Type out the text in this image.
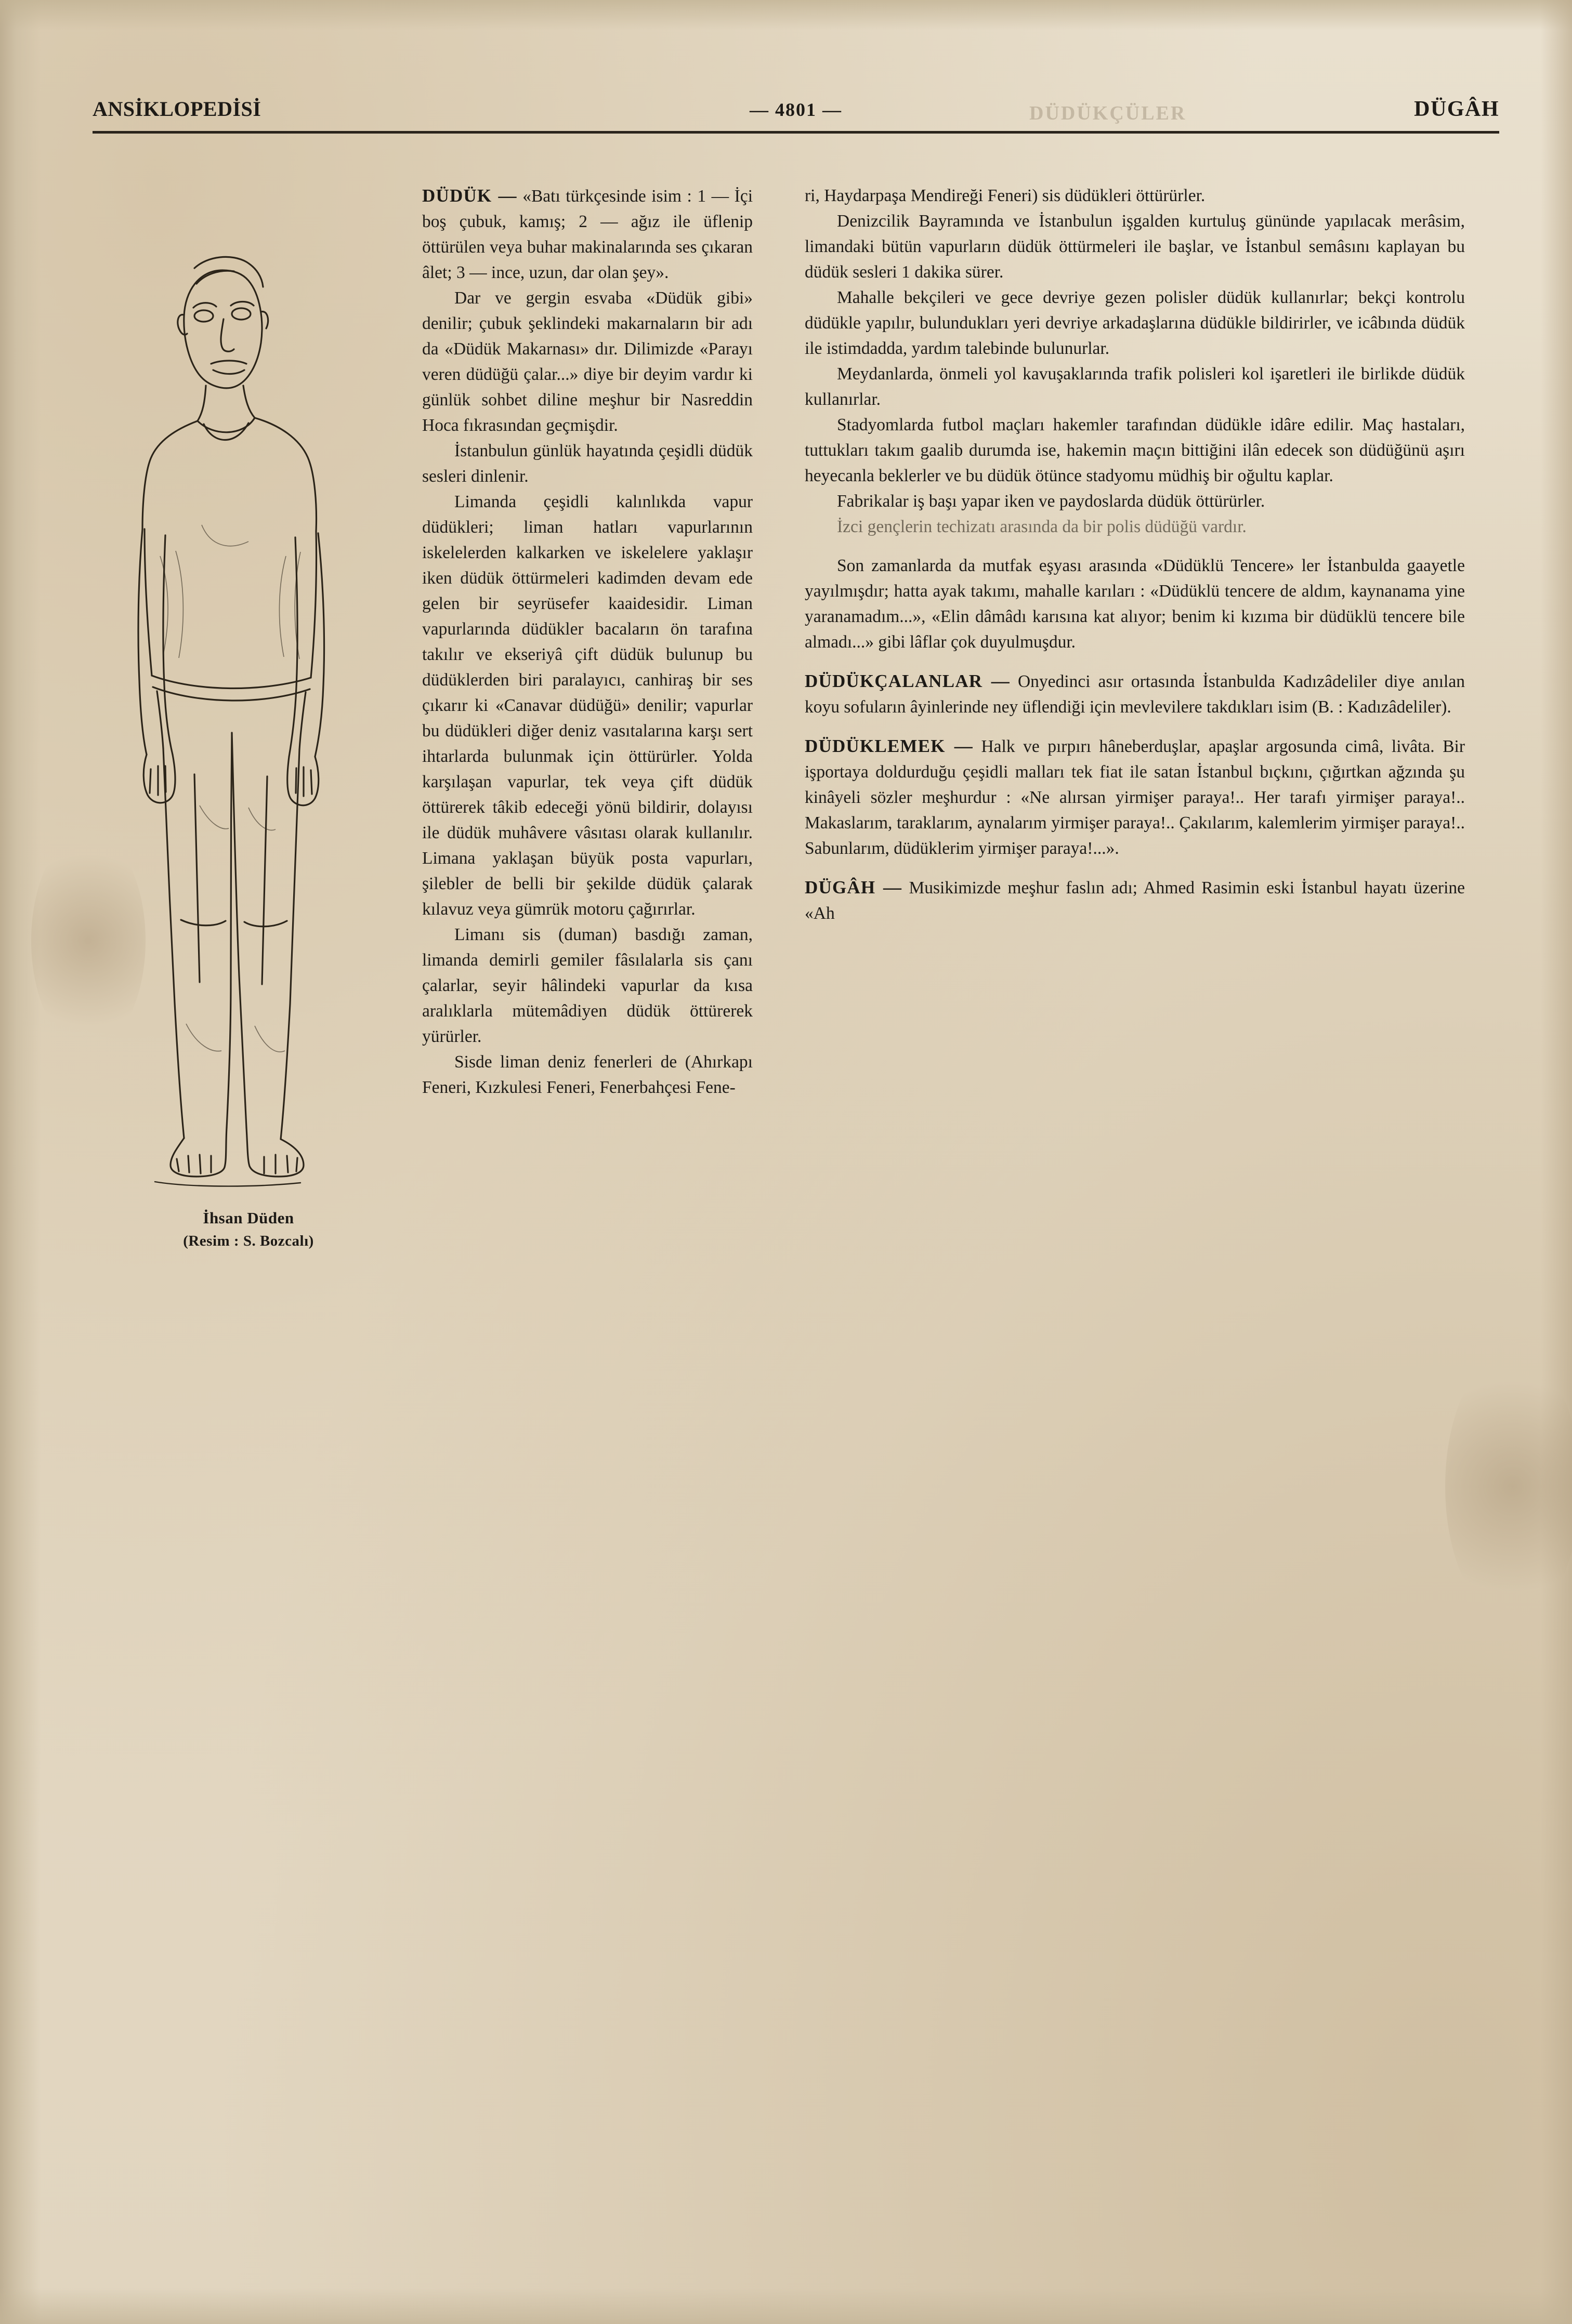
DÜDÜKÇÜLER
ANSİKLOPEDİSİ	— 4801 —	DÜGÂH
İhsan Düden
(Resim : S. Bozcalı)

DÜDÜK — «Batı türkçesinde isim : 1 — İçi boş çubuk, kamış; 2 — ağız ile üflenip öttürülen veya buhar makinalarında ses çıkaran âlet; 3 — ince, uzun, dar olan şey».

Dar ve gergin esvaba «Düdük gibi» denilir; çubuk şeklindeki makarnaların bir adı da «Düdük Makarnası» dır. Dilimizde «Parayı veren düdüğü çalar...» diye bir deyim vardır ki günlük sohbet diline meşhur bir Nasreddin Hoca fıkrasından geçmişdir.

İstanbulun günlük hayatında çeşidli düdük sesleri dinlenir.

Limanda çeşidli kalınlıkda vapur düdükleri; liman hatları vapurlarının iskelelerden kalkarken ve iskelelere yaklaşır iken düdük öttürmeleri kadimden devam ede gelen bir seyrüsefer kaaidesidir. Liman vapurlarında düdükler bacaların ön tarafına takılır ve ekseriyâ çift düdük bulunup bu düdüklerden biri paralayıcı, canhiraş bir ses çıkarır ki «Canavar düdüğü» denilir; vapurlar bu düdükleri diğer deniz vasıtalarına karşı sert ihtarlarda bulunmak için öttürürler. Yolda karşılaşan vapurlar, tek veya çift düdük öttürerek tâkib edeceği yönü bildirir, dolayısı ile düdük muhâvere vâsıtası olarak kullanılır. Limana yaklaşan büyük posta vapurları, şilebler de belli bir şekilde düdük çalarak kılavuz veya gümrük motoru çağırırlar.

Limanı sis (duman) basdığı zaman, limanda demirli gemiler fâsılalarla sis çanı çalarlar, seyir hâlindeki vapurlar da kısa aralıklarla mütemâdiyen düdük öttürerek yürürler.

Sisde liman deniz fenerleri de (Ahırkapı Feneri, Kızkulesi Feneri, Fenerbahçesi Fene-

ri, Haydarpaşa Mendireği Feneri) sis düdükleri öttürürler.

Denizcilik Bayramında ve İstanbulun işgalden kurtuluş gününde yapılacak merâsim, limandaki bütün vapurların düdük öttürmeleri ile başlar, ve İstanbul semâsını kaplayan bu düdük sesleri 1 dakika sürer.

Mahalle bekçileri ve gece devriye gezen polisler düdük kullanırlar; bekçi kontrolu düdükle yapılır, bulundukları yeri devriye arkadaşlarına düdükle bildirirler, ve icâbında düdük ile istimdadda, yardım talebinde bulunurlar.

Meydanlarda, önmeli yol kavuşaklarında trafik polisleri kol işaretleri ile birlikde düdük kullanırlar.

Stadyomlarda futbol maçları hakemler tarafından düdükle idâre edilir. Maç hastaları, tuttukları takım gaalib durumda ise, hakemin maçın bittiğini ilân edecek son düdüğünü aşırı heyecanla beklerler ve bu düdük ötünce stadyomu müdhiş bir oğultu kaplar.

Fabrikalar iş başı yapar iken ve paydoslarda düdük öttürürler.

İzci gençlerin techizatı arasında da bir polis düdüğü vardır.

Son zamanlarda da mutfak eşyası arasında «Düdüklü Tencere» ler İstanbulda gaayetle yayılmışdır; hatta ayak takımı, mahalle karıları : «Düdüklü tencere de aldım, kaynanama yine yaranamadım...», «Elin dâmâdı karısına kat alıyor; benim ki kızıma bir düdüklü tencere bile almadı...» gibi lâflar çok duyulmuşdur.

DÜDÜKÇALANLAR — Onyedinci asır ortasında İstanbulda Kadızâdeliler diye anılan koyu sofuların âyinlerinde ney üflendiği için mevlevilere takdıkları isim (B. : Kadızâdeliler).

DÜDÜKLEMEK — Halk ve pırpırı hâneberduşlar, apaşlar argosunda cimâ, livâta. Bir işportaya doldurduğu çeşidli malları tek fiat ile satan İstanbul bıçkını, çığırtkan ağzında şu kinâyeli sözler meşhurdur : «Ne alırsan yirmişer paraya!.. Her tarafı yirmişer paraya!.. Makaslarım, taraklarım, aynalarım yirmişer paraya!.. Çakılarım, kalemlerim yirmişer paraya!.. Sabunlarım, düdüklerim yirmişer paraya!...».

DÜGÂH — Musikimizde meşhur faslın adı; Ahmed Rasimin eski İstanbul hayatı üzerine «Ah
